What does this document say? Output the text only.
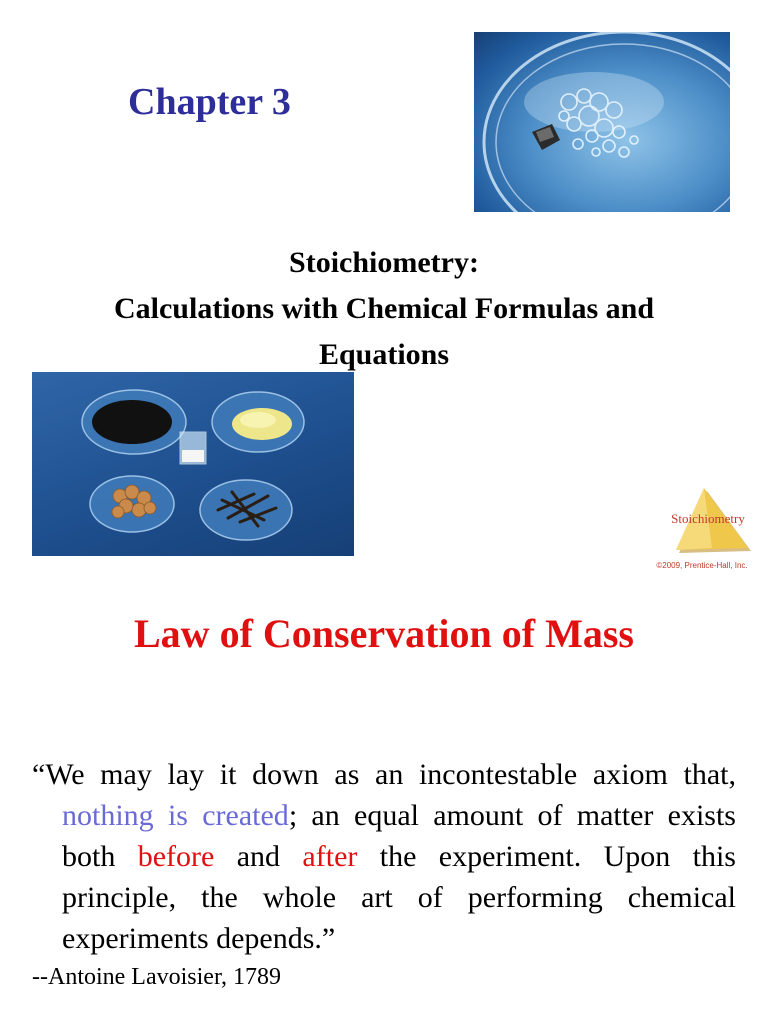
Chapter 3
Stoichiometry:
Calculations with Chemical Formulas and
Equations
Stoichiometry
©2009, Prentice-Hall, Inc.
Law of Conservation of Mass
“We may lay it down as an incontestable axiom that, nothing is created; an equal amount of matter exists both before and after the experiment. Upon this principle, the whole art of performing chemical experiments depends.”
--Antoine Lavoisier, 1789
